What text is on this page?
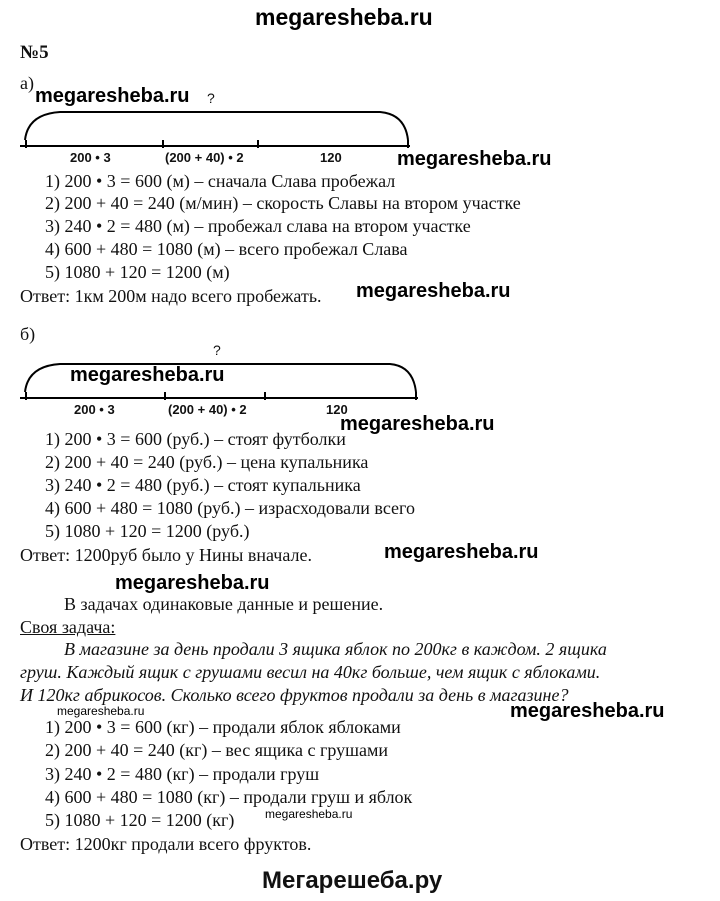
megaresheba.ru
№5
а)
megaresheba.ru ?
200 • 3	(200 + 40) • 2	120	megaresheba.ru
1) 200 • 3 = 600 (м) – сначала Слава пробежал
2) 200 + 40 = 240 (м/мин) – скорость Славы на втором участке
3) 240 • 2 = 480 (м) – пробежал слава на втором участке
4) 600 + 480 = 1080 (м) – всего пробежал Слава
5) 1080 + 120 = 1200 (м)
Ответ: 1км 200м надо всего пробежать. megaresheba.ru
б)
?
megaresheba.ru
200 • 3	(200 + 40) • 2	120
megaresheba.ru
1) 200 • 3 = 600 (руб.) – стоят футболки
2) 200 + 40 = 240 (руб.) – цена купальника
3) 240 • 2 = 480 (руб.) – стоят купальника
4) 600 + 480 = 1080 (руб.) – израсходовали всего
5) 1080 + 120 = 1200 (руб.)
Ответ: 1200руб было у Нины вначале.	megaresheba.ru
megaresheba.ru
В задачах одинаковые данные и решение.
Своя задача:
В магазине за день продали 3 ящика яблок по 200кг в каждом. 2 ящика
груш. Каждый ящик с грушами весил на 40кг больше, чем ящик с яблоками.
И 120кг абрикосов. Сколько всего фруктов продали за день в магазине?
megaresheba.ru	megaresheba.ru
1) 200 • 3 = 600 (кг) – продали яблок яблоками
2) 200 + 40 = 240 (кг) – вес ящика с грушами
3) 240 • 2 = 480 (кг) – продали груш
4) 600 + 480 = 1080 (кг) – продали груш и яблок
5) 1080 + 120 = 1200 (кг)	megaresheba.ru
Ответ: 1200кг продали всего фруктов.
Мегарешеба.ру
